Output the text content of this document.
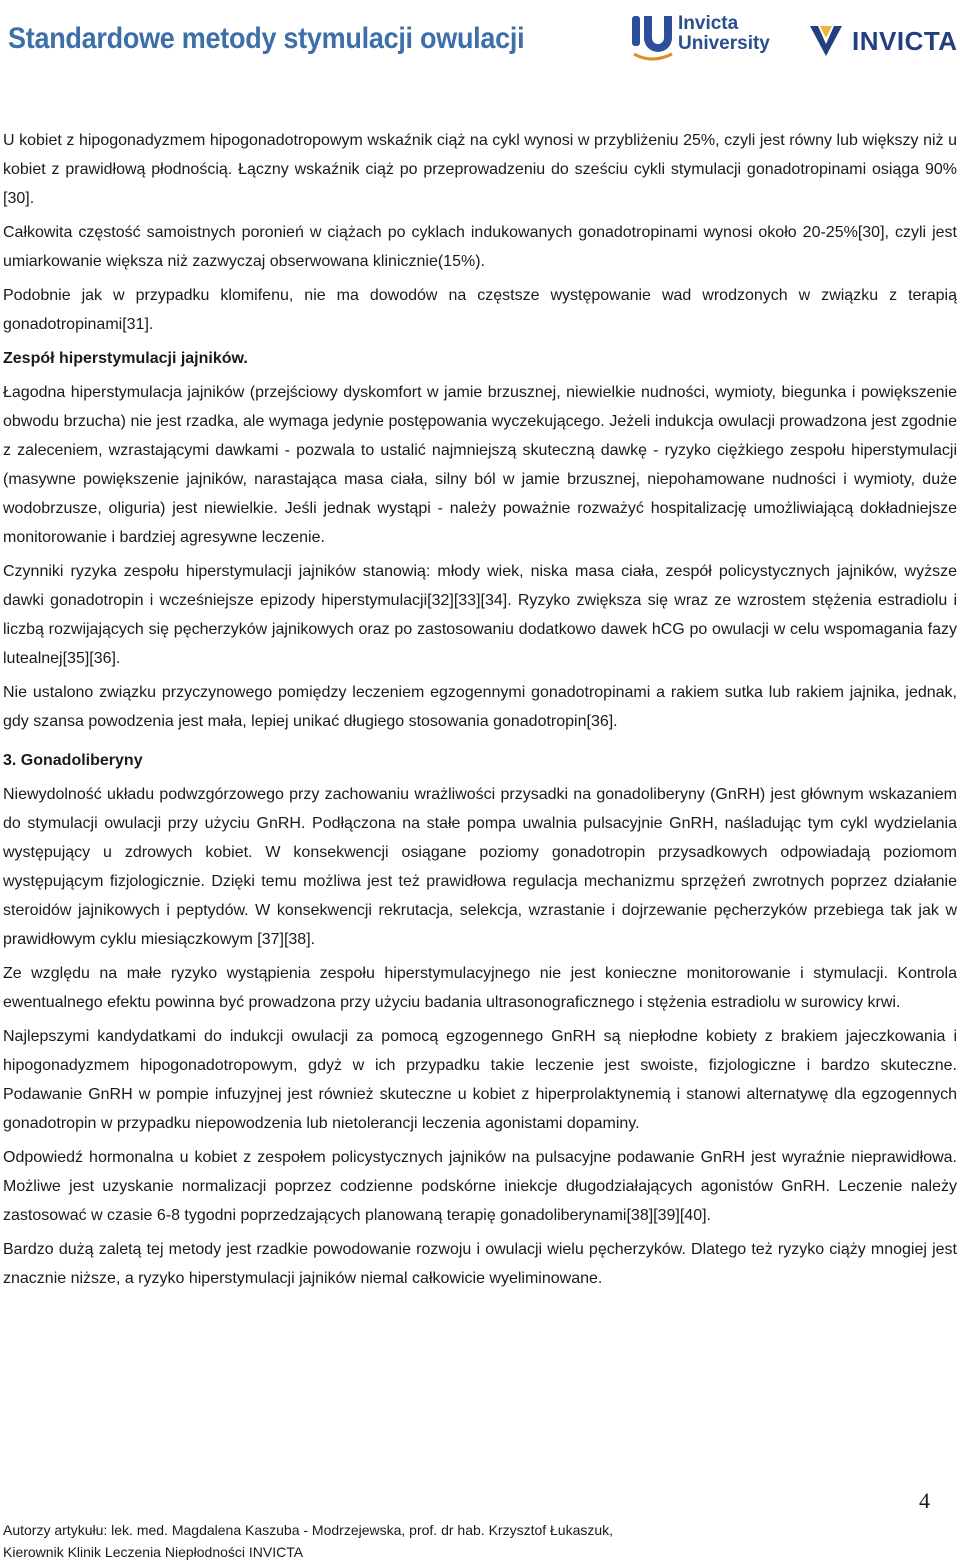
Standardowe metody stymulacji owulacji	Invicta
University	INVICTA

U kobiet z hipogonadyzmem hipogonadotropowym wskaźnik ciąż na cykl wynosi w przybliżeniu 25%, czyli jest równy lub większy niż u kobiet z prawidłową płodnością. Łączny wskaźnik ciąż po przeprowadzeniu do sześciu cykli stymulacji gonadotropinami osiąga 90%[30].

Całkowita częstość samoistnych poronień w ciążach po cyklach indukowanych gonadotropinami wynosi około 20-25%[30], czyli jest umiarkowanie większa niż zazwyczaj obserwowana klinicznie(15%).

Podobnie jak w przypadku klomifenu, nie ma dowodów na częstsze występowanie wad wrodzonych w związku z terapią gonadotropinami[31].

Zespół hiperstymulacji jajników.

Łagodna hiperstymulacja jajników (przejściowy dyskomfort w jamie brzusznej, niewielkie nudności, wymioty, biegunka i powiększenie obwodu brzucha) nie jest rzadka, ale wymaga jedynie postępowania wyczekującego. Jeżeli indukcja owulacji prowadzona jest zgodnie z zaleceniem, wzrastającymi dawkami - pozwala to ustalić najmniejszą skuteczną dawkę - ryzyko ciężkiego zespołu hiperstymulacji (masywne powiększenie jajników, narastająca masa ciała, silny ból w jamie brzusznej, niepohamowane nudności i wymioty, duże wodobrzusze, oliguria) jest niewielkie. Jeśli jednak wystąpi - należy poważnie rozważyć hospitalizację umożliwiającą dokładniejsze monitorowanie i bardziej agresywne leczenie.

Czynniki ryzyka zespołu hiperstymulacji jajników stanowią: młody wiek, niska masa ciała, zespół policystycznych jajników, wyższe dawki gonadotropin i wcześniejsze epizody hiperstymulacji[32][33][34]. Ryzyko zwiększa się wraz ze wzrostem stężenia estradiolu i liczbą rozwijających się pęcherzyków jajnikowych oraz po zastosowaniu dodatkowo dawek hCG po owulacji w celu wspomagania fazy lutealnej[35][36].

Nie ustalono związku przyczynowego pomiędzy leczeniem egzogennymi gonadotropinami a rakiem sutka lub rakiem jajnika, jednak, gdy szansa powodzenia jest mała, lepiej unikać długiego stosowania gonadotropin[36].

3. Gonadoliberyny

Niewydolność układu podwzgórzowego przy zachowaniu wrażliwości przysadki na gonadoliberyny (GnRH) jest głównym wskazaniem do stymulacji owulacji przy użyciu GnRH. Podłączona na stałe pompa uwalnia pulsacyjnie GnRH, naśladując tym cykl wydzielania występujący u zdrowych kobiet. W konsekwencji osiągane poziomy gonadotropin przysadkowych odpowiadają poziomom występującym fizjologicznie. Dzięki temu możliwa jest też prawidłowa regulacja mechanizmu sprzężeń zwrotnych poprzez działanie steroidów jajnikowych i peptydów. W konsekwencji rekrutacja, selekcja, wzrastanie i dojrzewanie pęcherzyków przebiega tak jak w prawidłowym cyklu miesiączkowym [37][38].

Ze względu na małe ryzyko wystąpienia zespołu hiperstymulacyjnego nie jest konieczne monitorowanie i stymulacji. Kontrola ewentualnego efektu powinna być prowadzona przy użyciu badania ultrasonograficznego i stężenia estradiolu w surowicy krwi.

Najlepszymi kandydatkami do indukcji owulacji za pomocą egzogennego GnRH są niepłodne kobiety z brakiem jajeczkowania i hipogonadyzmem hipogonadotropowym, gdyż w ich przypadku takie leczenie jest swoiste, fizjologiczne i bardzo skuteczne. Podawanie GnRH w pompie infuzyjnej jest również skuteczne u kobiet z hiperprolaktynemią i stanowi alternatywę dla egzogennych gonadotropin w przypadku niepowodzenia lub nietolerancji leczenia agonistami dopaminy.

Odpowiedź hormonalna u kobiet z zespołem policystycznych jajników na pulsacyjne podawanie GnRH jest wyraźnie nieprawidłowa. Możliwe jest uzyskanie normalizacji poprzez codzienne podskórne iniekcje długodziałających agonistów GnRH. Leczenie należy zastosować w czasie 6-8 tygodni poprzedzających planowaną terapię gonadoliberynami[38][39][40].

Bardzo dużą zaletą tej metody jest rzadkie powodowanie rozwoju i owulacji wielu pęcherzyków. Dlatego też ryzyko ciąży mnogiej jest znacznie niższe, a ryzyko hiperstymulacji jajników niemal całkowicie wyeliminowane.

4
Autorzy artykułu: lek. med. Magdalena Kaszuba - Modrzejewska, prof. dr hab. Krzysztof Łukaszuk,
Kierownik Klinik Leczenia Niepłodności INVICTA
